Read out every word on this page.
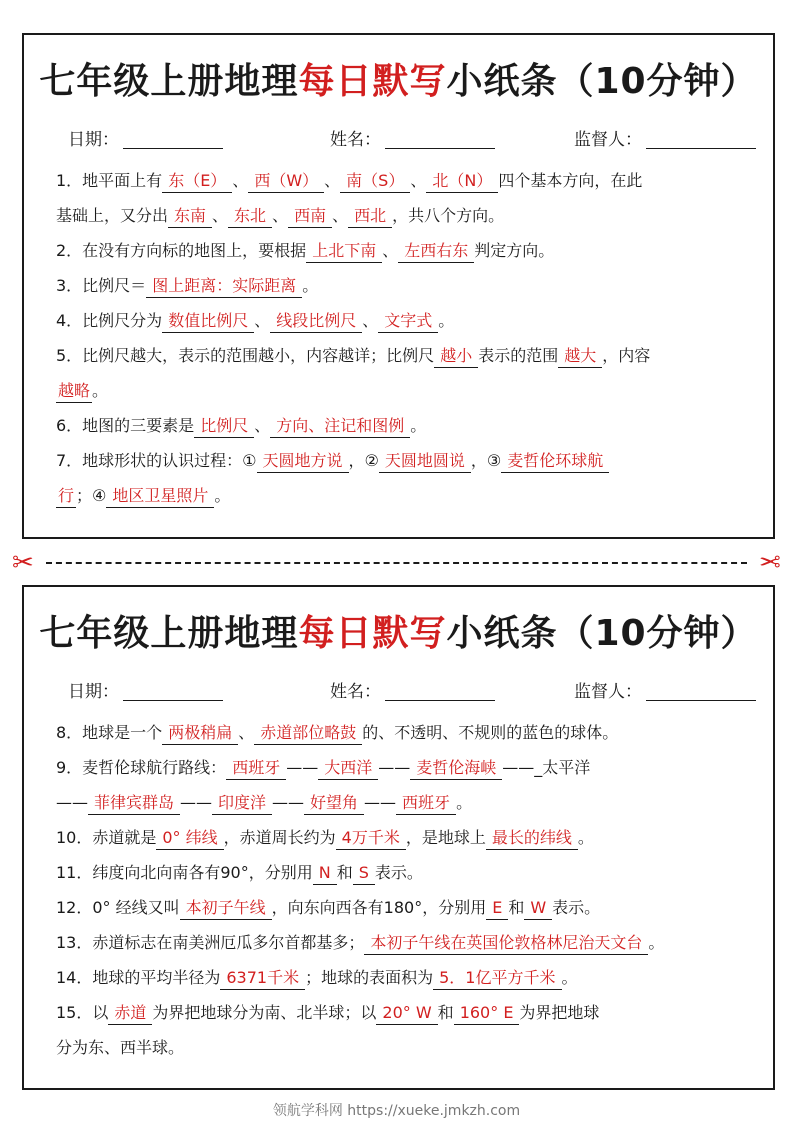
七年级上册地理每日默写小纸条（10分钟）
日期：	姓名：	监督人：
1．地平面上有 东（E） 、 西（W） 、 南（S） 、 北（N） 四个基本方向，在此
基础上，又分出 东南 、 东北 、 西南 、 西北 ，共八个方向。
2．在没有方向标的地图上，要根据 上北下南 、 左西右东 判定方向。
3．比例尺＝ 图上距离：实际距离 。
4．比例尺分为 数值比例尺 、 线段比例尺 、 文字式 。
5．比例尺越大，表示的范围越小，内容越详；比例尺 越小 表示的范围 越大 ，内容
越略 。
6．地图的三要素是 比例尺 、 方向、注记和图例 。
7．地球形状的认识过程：① 天圆地方说 ，② 天圆地圆说 ，③ 麦哲伦环球航
行 ；④ 地区卫星照片 。
✂	✂
七年级上册地理每日默写小纸条（10分钟）
日期：	姓名：	监督人：
8．地球是一个 两极稍扁 、 赤道部位略鼓 的、不透明、不规则的蓝色的球体。
9．麦哲伦球航行路线： 西班牙 —— 大西洋 —— 麦哲伦海峡 ——_太平洋
—— 菲律宾群岛 —— 印度洋 —— 好望角 —— 西班牙 。
10．赤道就是 0° 纬线 ，赤道周长约为 4万千米 ，是地球上 最长的纬线 。
11．纬度向北向南各有90°，分别用 N 和 S 表示。
12．0° 经线又叫 本初子午线 ，向东向西各有180°，分别用 E 和 W 表示。
13．赤道标志在南美洲厄瓜多尔首都基多； 本初子午线在英国伦敦格林尼治天文台 。
14．地球的平均半径为 6371千米 ；地球的表面积为 5．1亿平方千米 。
15．以 赤道 为界把地球分为南、北半球；以 20° W 和 160° E 为界把地球
分为东、西半球。
领航学科网 https://xueke.jmkzh.com
